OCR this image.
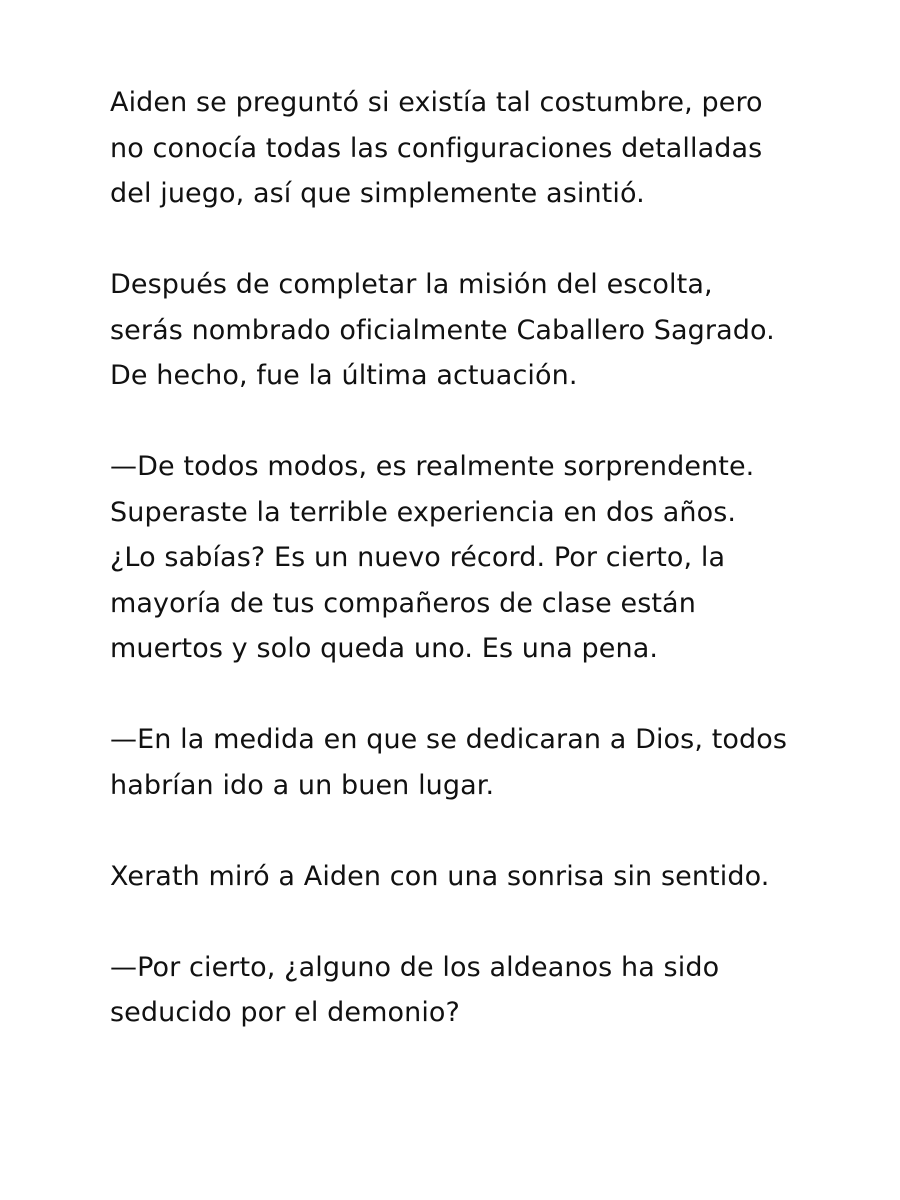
Aiden se preguntó si existía tal costumbre, pero
no conocía todas las configuraciones detalladas
del juego, así que simplemente asintió.

Después de completar la misión del escolta,
serás nombrado oficialmente Caballero Sagrado.
De hecho, fue la última actuación.

—De todos modos, es realmente sorprendente.
Superaste la terrible experiencia en dos años.
¿Lo sabías? Es un nuevo récord. Por cierto, la
mayoría de tus compañeros de clase están
muertos y solo queda uno. Es una pena.

—En la medida en que se dedicaran a Dios, todos
habrían ido a un buen lugar.

Xerath miró a Aiden con una sonrisa sin sentido.

—Por cierto, ¿alguno de los aldeanos ha sido
seducido por el demonio?
